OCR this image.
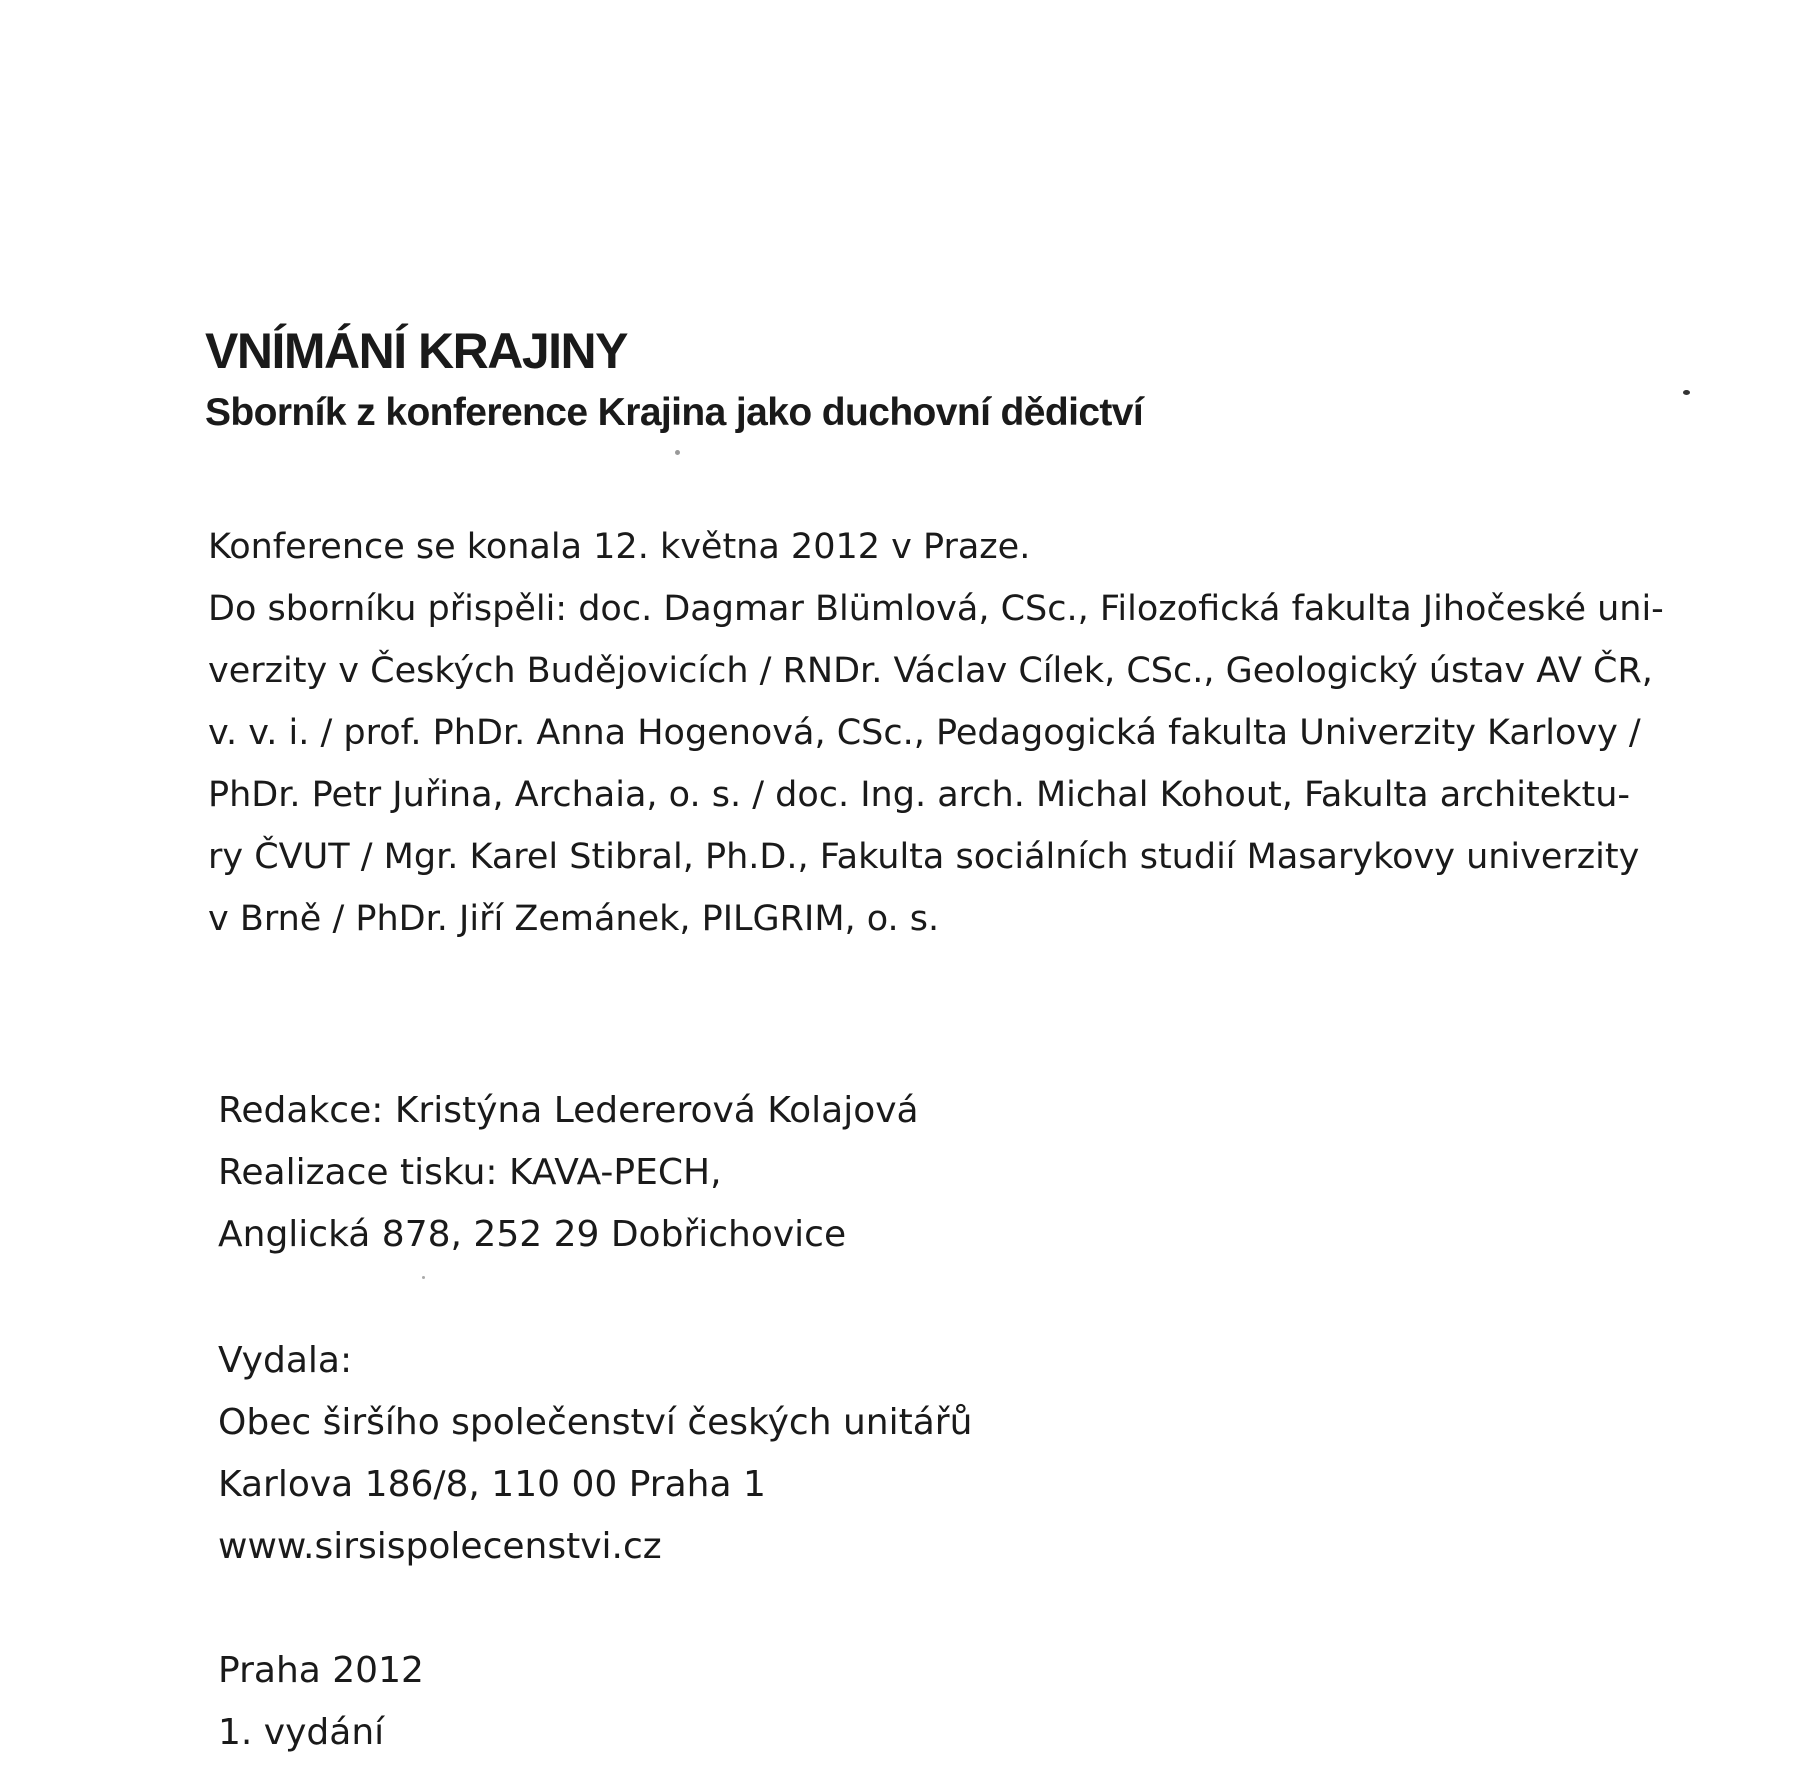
VNÍMÁNÍ KRAJINY
Sborník z konference Krajina jako duchovní dědictví
Konference se konala 12. května 2012 v Praze.
Do sborníku přispěli: doc. Dagmar Blümlová, CSc., Filozofická fakulta Jihočeské uni-
verzity v Českých Budějovicích / RNDr. Václav Cílek, CSc., Geologický ústav AV ČR,
v. v. i. / prof. PhDr. Anna Hogenová, CSc., Pedagogická fakulta Univerzity Karlovy /
PhDr. Petr Juřina, Archaia, o. s. / doc. Ing. arch. Michal Kohout, Fakulta architektu-
ry ČVUT / Mgr. Karel Stibral, Ph.D., Fakulta sociálních studií Masarykovy univerzity
v Brně / PhDr. Jiří Zemánek, PILGRIM, o. s.
Redakce: Kristýna Ledererová Kolajová
Realizace tisku: KAVA-PECH,
Anglická 878, 252 29 Dobřichovice
Vydala:
Obec širšího společenství českých unitářů
Karlova 186/8, 110 00 Praha 1
www.sirsispolecenstvi.cz
Praha 2012
1. vydání
